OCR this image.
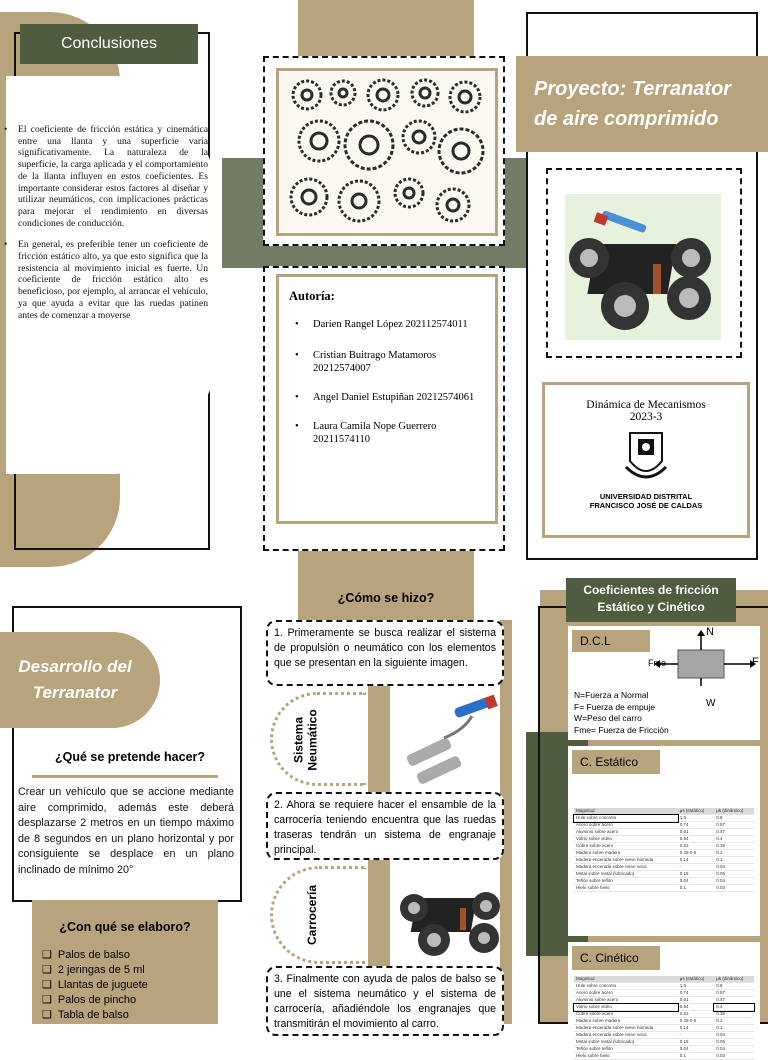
Conclusiones
• El coeficiente de fricción estática y cinemática entre una llanta y una superficie varía significativamente. La naturaleza de la superficie, la carga aplicada y el comportamiento de la llanta influyen en estos coeficientes. Es importante considerar estos factores al diseñar y utilizar neumáticos, con implicaciones prácticas para mejorar el rendimiento en diversas condiciones de conducción.
• En general, es preferible tener un coeficiente de fricción estático alto, ya que esto significa que la resistencia al movimiento inicial es fuerte. Un coeficiente de fricción estático alto es beneficioso, por ejemplo, al arrancar el vehículo, ya que ayuda a evitar que las ruedas patinen antes de comenzar a moverse
Autoría:
• Darien Rangel López 202112574011
• Cristian Buitrago Matamoros 20212574007
• Angel Daniel Estupiñan 20212574061
• Laura Camila Nope Guerrero 20211574110
Proyecto: Terranator de aire comprimido
Dinámica de Mecanismos
2023-3
UNIVERSIDAD DISTRITAL
FRANCISCO JOSÉ DE CALDAS
Desarrollo del Terranator
¿Qué se pretende hacer?
Crear un vehículo que se accione mediante aire comprimido, además este deberá desplazarse 2 metros en un tiempo máximo de 8 segundos en un plano horizontal y por consiguiente se desplace en un plano inclinado de mínimo 20°
¿Con qué se elaboro?
❑ Palos de balso
❑ 2 jeringas de 5 ml
❑ Llantas de juguete
❑ Palos de pincho
❑ Tabla de balso
¿Cómo se hizo?
1. Primeramente se busca realizar el sistema de propulsión o neumático con los elementos que se presentan en la siguiente imagen.
Sistema Neumático
2. Ahora se requiere hacer el ensamble de la carrocería teniendo encuentra que las ruedas traseras tendrán un sistema de engranaje principal.
Carrocería
3. Finalmente con ayuda de palos de balso se une el sistema neumático y el sistema de carrocería, añadiéndole los engranajes que transmitirán el movimiento al carro.
Coeficientes de fricción Estático y Cinético
D.C.L
N
F
Fme
W
N=Fuerza a Normal
F= Fuerza de empuje
W=Peso del carro
Fme= Fuerza de Fricción
C. Estático
Magnitud	μs (estático)	μk (dinámico)
Hule sobre concreto	1.0	0.8
Acero sobre acero	0.74	0.57
Aluminio sobre acero	0.61	0.47
Vidrio sobre vidrio	0.94	0.4
Cobre sobre acero	0.53	0.36
Madera sobre madera	0.25-0.5	0.2
Madera encerada sobre nieve húmeda	0.14	0.1
Madera encerada sobre nieve seca	-	0.04
Metal sobre metal (lubricado)	0.15	0.06
Teflón sobre teflón	0.04	0.04
Hielo sobre hielo	0.1	0.03
C. Cinético
Magnitud	μs (estático)	μk (dinámico)
Hule sobre concreto	1.0	0.8
Acero sobre acero	0.74	0.57
Aluminio sobre acero	0.61	0.47
Vidrio sobre vidrio	0.94	0.4
Cobre sobre acero	0.53	0.36
Madera sobre madera	0.25-0.5	0.2
Madera encerada sobre nieve húmeda	0.14	0.1
Madera encerada sobre nieve seca	-	0.04
Metal sobre metal (lubricado)	0.15	0.06
Teflón sobre teflón	0.04	0.04
Hielo sobre hielo	0.1	0.03
